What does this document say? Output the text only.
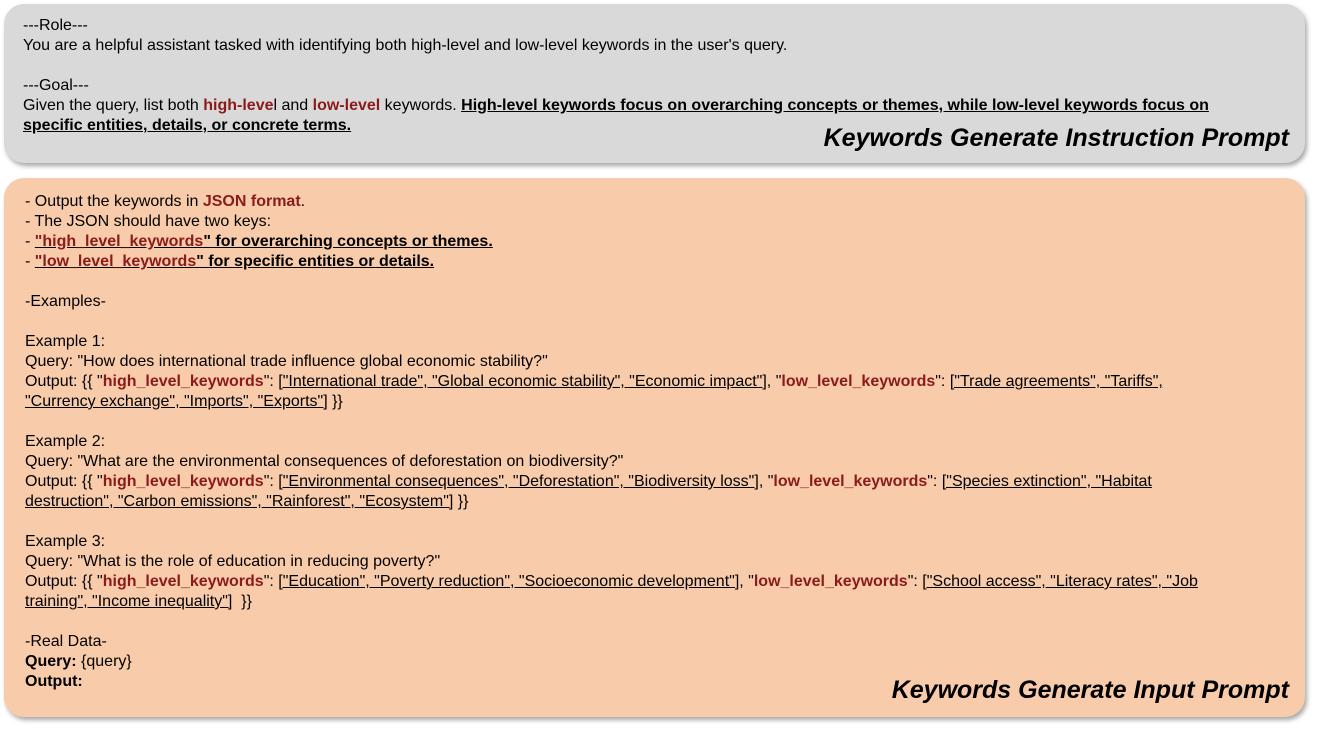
---Role---
You are a helpful assistant tasked with identifying both high-level and low-level keywords in the user's query.
---Goal---
Given the query, list both high-level and low-level keywords. High-level keywords focus on overarching concepts or themes, while low-level keywords focus on
specific entities, details, or concrete terms.	Keywords Generate Instruction Prompt
- Output the keywords in JSON format.
- The JSON should have two keys:
- "high_level_keywords" for overarching concepts or themes.
- "low_level_keywords" for specific entities or details.
-Examples-
Example 1:
Query: "How does international trade influence global economic stability?"
Output: {{ "high_level_keywords": ["International trade", "Global economic stability", "Economic impact"], "low_level_keywords": ["Trade agreements", "Tariffs",
"Currency exchange", "Imports", "Exports"] }}
Example 2:
Query: "What are the environmental consequences of deforestation on biodiversity?"
Output: {{ "high_level_keywords": ["Environmental consequences", "Deforestation", "Biodiversity loss"], "low_level_keywords": ["Species extinction", "Habitat
destruction", "Carbon emissions", "Rainforest", "Ecosystem"] }}
Example 3:
Query: "What is the role of education in reducing poverty?"
Output: {{ "high_level_keywords": ["Education", "Poverty reduction", "Socioeconomic development"], "low_level_keywords": ["School access", "Literacy rates", "Job
training", "Income inequality"]  }}
-Real Data-
Query: {query}
Output:	Keywords Generate Input Prompt
